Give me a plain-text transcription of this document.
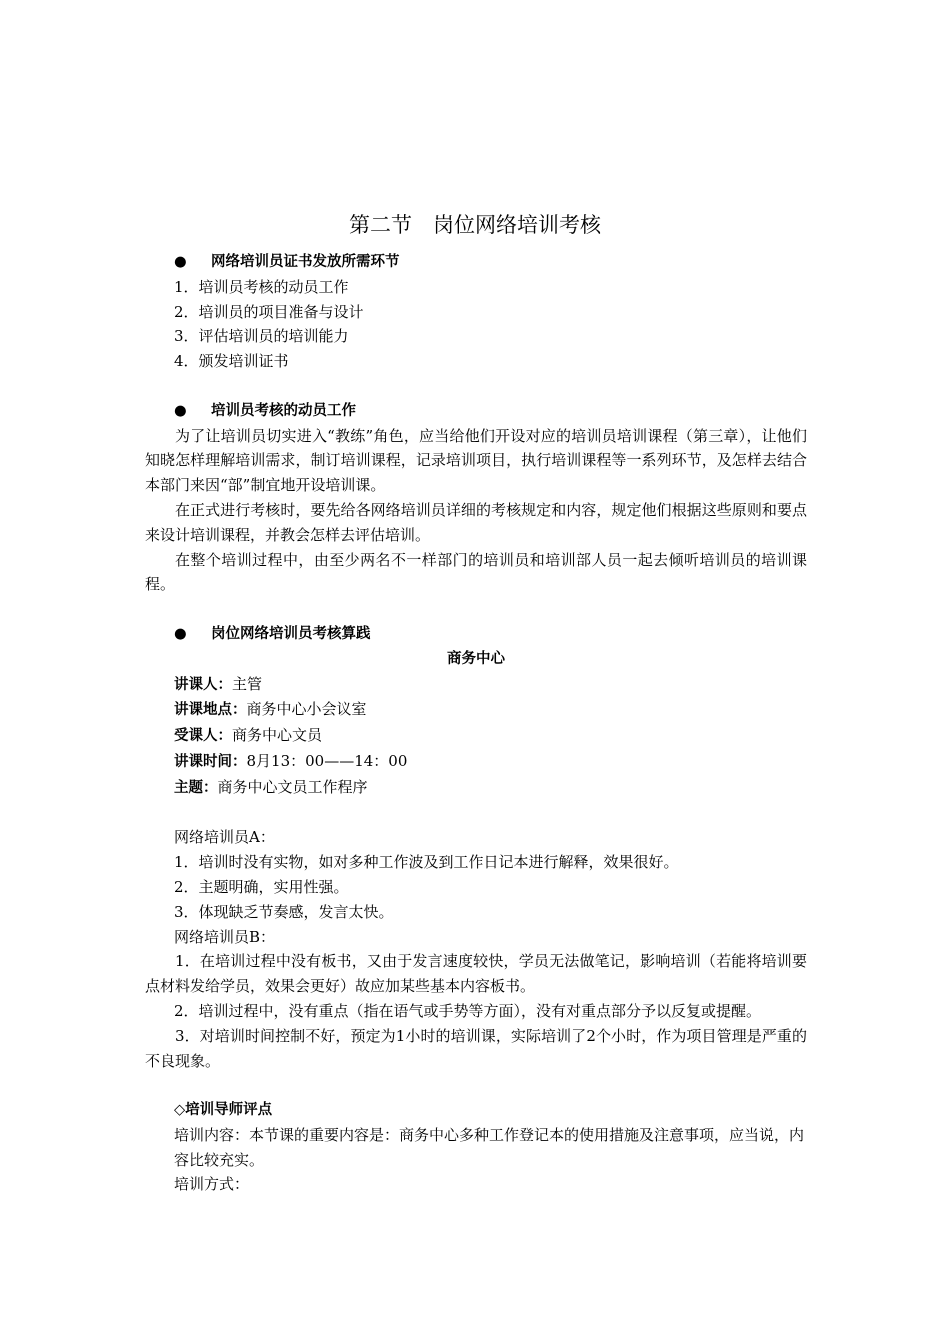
第二节　岗位网络培训考核
● 网络培训员证书发放所需环节
1．培训员考核的动员工作
2．培训员的项目准备与设计
3．评估培训员的培训能力
4．颁发培训证书
● 培训员考核的动员工作

为了让培训员切实进入“教练”角色，应当给他们开设对应的培训员培训课程（第三章），让他们知晓怎样理解培训需求，制订培训课程，记录培训项目，执行培训课程等一系列环节，及怎样去结合本部门来因“部”制宜地开设培训课。

在正式进行考核时，要先给各网络培训员详细的考核规定和内容，规定他们根据这些原则和要点来设计培训课程，并教会怎样去评估培训。

在整个培训过程中，由至少两名不一样部门的培训员和培训部人员一起去倾听培训员的培训课程。

● 岗位网络培训员考核算践
商务中心
讲课人：主管
讲课地点：商务中心小会议室
受课人：商务中心文员
讲课时间：8月13：00——14：00
主题：商务中心文员工作程序
网络培训员A：
1．培训时没有实物，如对多种工作波及到工作日记本进行解释，效果很好。
2．主题明确，实用性强。
3．体现缺乏节奏感，发言太快。
网络培训员B：

1．在培训过程中没有板书，又由于发言速度较快，学员无法做笔记，影响培训（若能将培训要点材料发给学员，效果会更好）故应加某些基本内容板书。

2．培训过程中，没有重点（指在语气或手势等方面），没有对重点部分予以反复或提醒。

3．对培训时间控制不好，预定为1小时的培训课，实际培训了2个小时，作为项目管理是严重的不良现象。

◇培训导师评点

培训内容：本节课的重要内容是：商务中心多种工作登记本的使用措施及注意事项，应当说，内容比较充实。

培训方式：
